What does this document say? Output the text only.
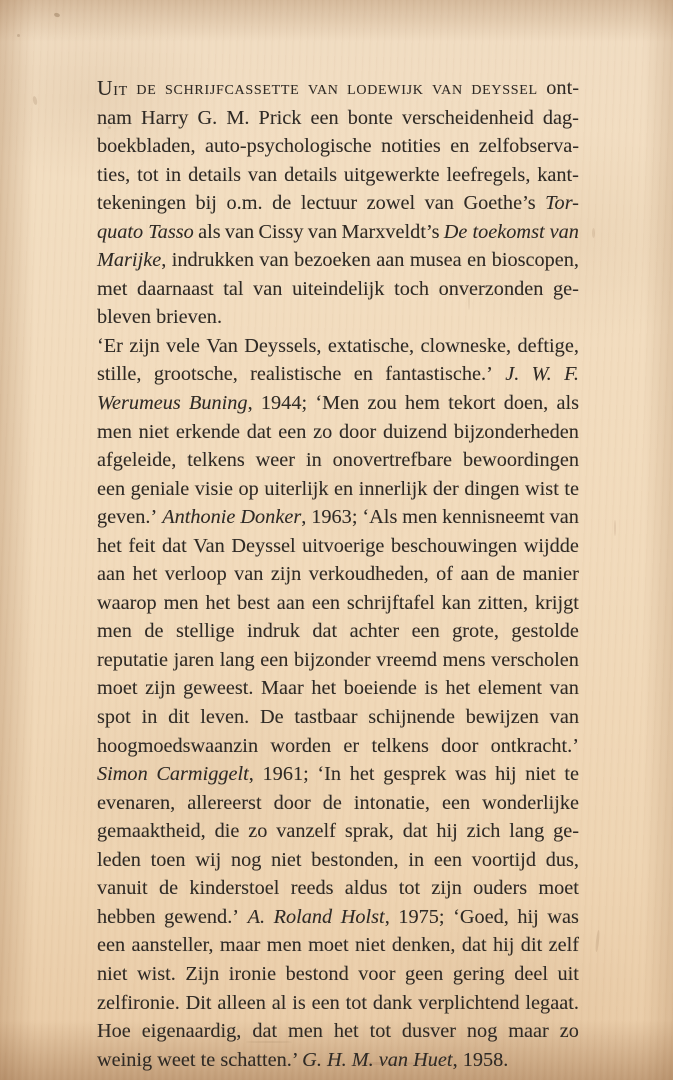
Uit de schrijfcassette van lodewijk van deyssel ont-
nam Harry G. M. Prick een bonte verscheidenheid dag-
boekbladen, auto-psychologische notities en zelfobserva-
ties, tot in details van details uitgewerkte leefregels, kant-
tekeningen bij o.m. de lectuur zowel van Goethe’s Tor-
quato Tasso als van Cissy van Marxveldt’s De toekomst van
Marijke, indrukken van bezoeken aan musea en bioscopen,
met daarnaast tal van uiteindelijk toch onverzonden ge-
bleven brieven.

‘Er zijn vele Van Deyssels, extatische, clowneske, deftige,
stille, grootsche, realistische en fantastische.’ J. W. F.
Werumeus Buning, 1944; ‘Men zou hem tekort doen, als
men niet erkende dat een zo door duizend bijzonderheden
afgeleide, telkens weer in onovertrefbare bewoordingen
een geniale visie op uiterlijk en innerlijk der dingen wist te
geven.’ Anthonie Donker, 1963; ‘Als men kennisneemt van
het feit dat Van Deyssel uitvoerige beschouwingen wijdde
aan het verloop van zijn verkoudheden, of aan de manier
waarop men het best aan een schrijftafel kan zitten, krijgt
men de stellige indruk dat achter een grote, gestolde
reputatie jaren lang een bijzonder vreemd mens verscholen
moet zijn geweest. Maar het boeiende is het element van
spot in dit leven. De tastbaar schijnende bewijzen van
hoogmoedswaanzin worden er telkens door ontkracht.’
Simon Carmiggelt, 1961; ‘In het gesprek was hij niet te
evenaren, allereerst door de intonatie, een wonderlijke
gemaaktheid, die zo vanzelf sprak, dat hij zich lang ge-
leden toen wij nog niet bestonden, in een voortijd dus,
vanuit de kinderstoel reeds aldus tot zijn ouders moet
hebben gewend.’ A. Roland Holst, 1975; ‘Goed, hij was
een aansteller, maar men moet niet denken, dat hij dit zelf
niet wist. Zijn ironie bestond voor geen gering deel uit
zelfironie. Dit alleen al is een tot dank verplichtend legaat.
Hoe eigenaardig, dat men het tot dusver nog maar zo
weinig weet te schatten.’ G. H. M. van Huet, 1958.
